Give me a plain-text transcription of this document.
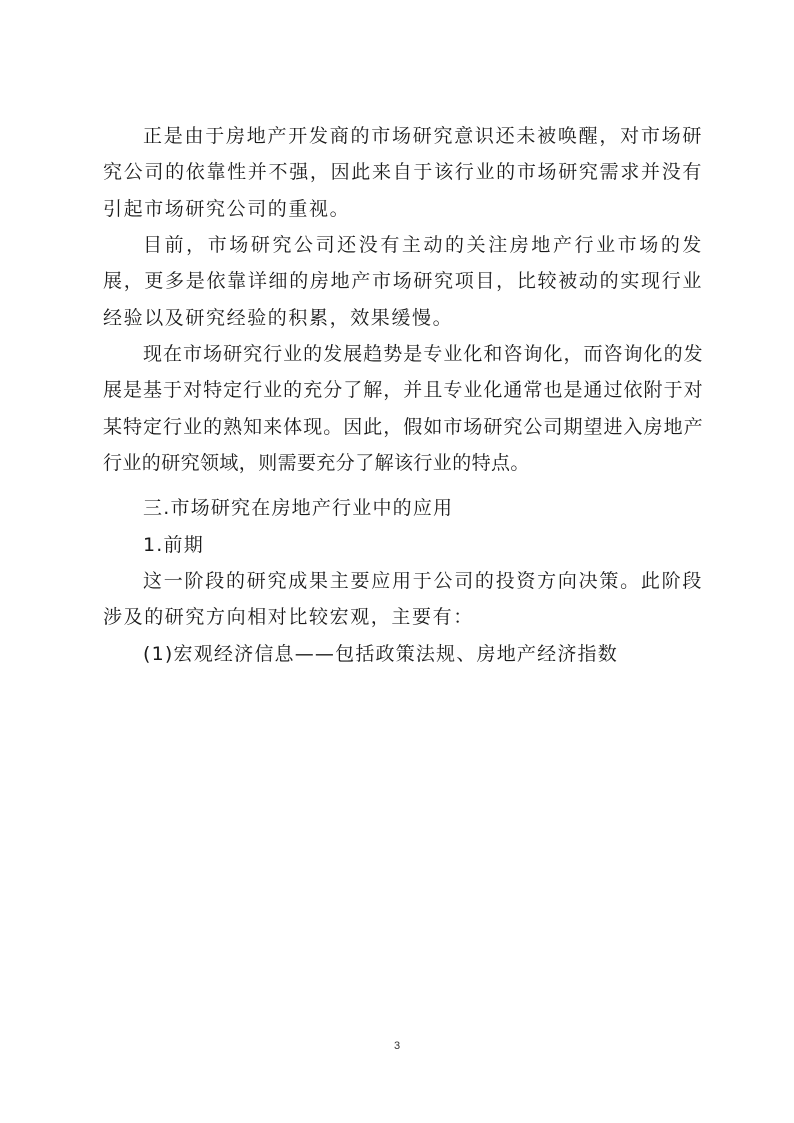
正是由于房地产开发商的市场研究意识还未被唤醒，对市场研究公司的依靠性并不强，因此来自于该行业的市场研究需求并没有引起市场研究公司的重视。

目前，市场研究公司还没有主动的关注房地产行业市场的发展，更多是依靠详细的房地产市场研究项目，比较被动的实现行业经验以及研究经验的积累，效果缓慢。

现在市场研究行业的发展趋势是专业化和咨询化，而咨询化的发展是基于对特定行业的充分了解，并且专业化通常也是通过依附于对某特定行业的熟知来体现。因此，假如市场研究公司期望进入房地产行业的研究领域，则需要充分了解该行业的特点。

三.市场研究在房地产行业中的应用

1.前期

这一阶段的研究成果主要应用于公司的投资方向决策。此阶段涉及的研究方向相对比较宏观，主要有：

(1)宏观经济信息——包括政策法规、房地产经济指数

3
